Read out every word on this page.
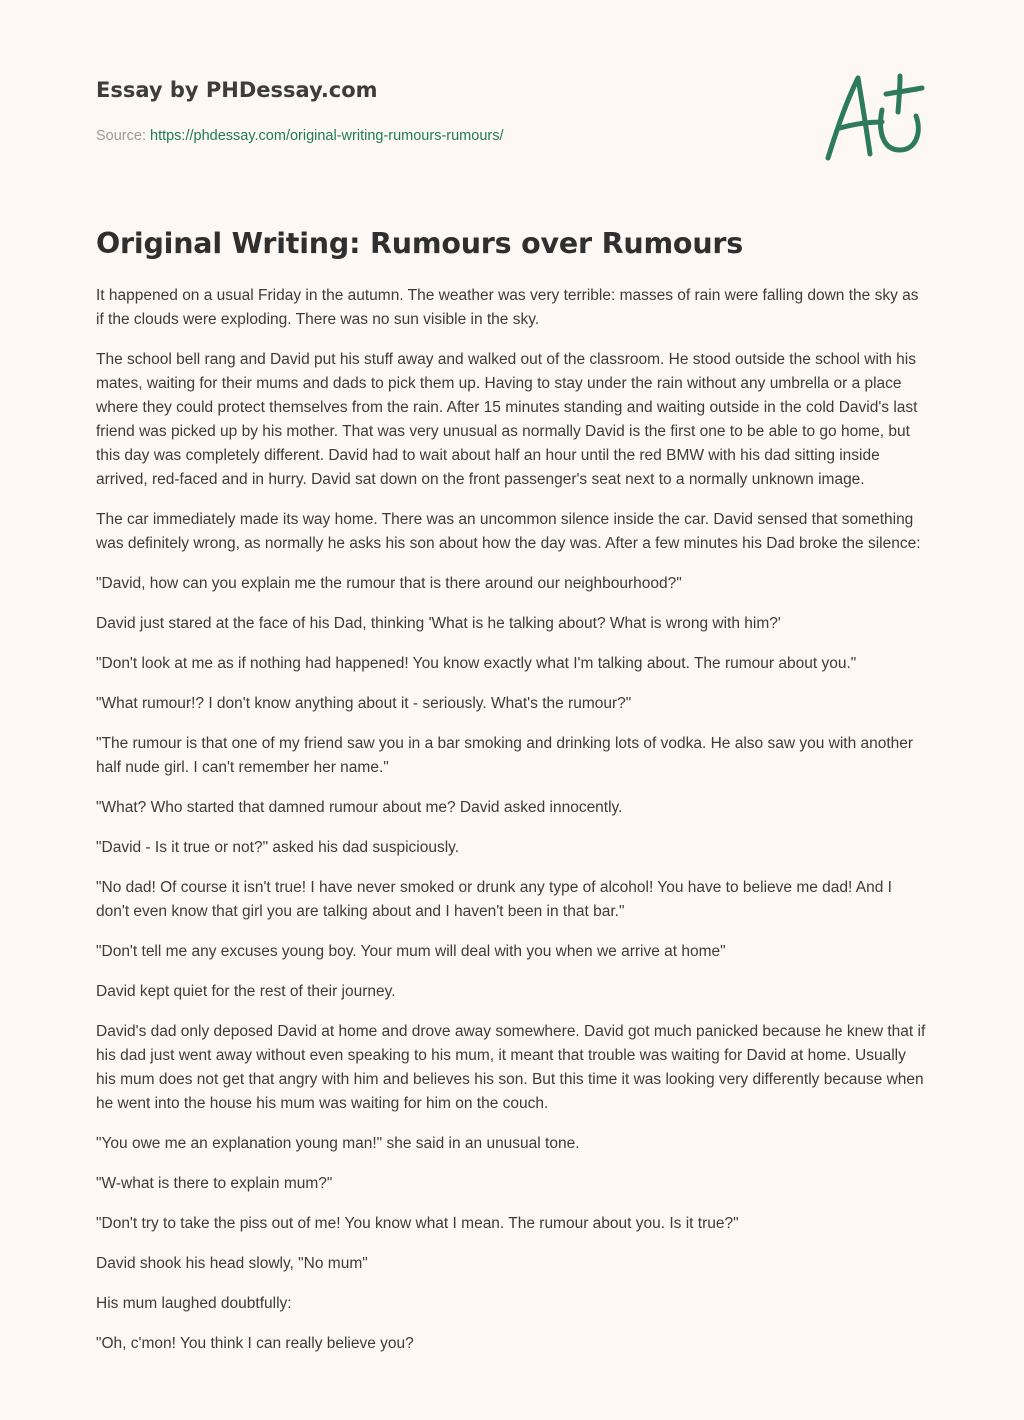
Essay by PHDessay.com
Source: https://phdessay.com/original-writing-rumours-rumours/
Original Writing: Rumours over Rumours

It happened on a usual Friday in the autumn. The weather was very terrible: masses of rain were falling down the sky as if the clouds were exploding. There was no sun visible in the sky.

The school bell rang and David put his stuff away and walked out of the classroom. He stood outside the school with his mates, waiting for their mums and dads to pick them up. Having to stay under the rain without any umbrella or a place where they could protect themselves from the rain. After 15 minutes standing and waiting outside in the cold David's last friend was picked up by his mother. That was very unusual as normally David is the first one to be able to go home, but this day was completely different. David had to wait about half an hour until the red BMW with his dad sitting inside arrived, red-faced and in hurry. David sat down on the front passenger's seat next to a normally unknown image.

The car immediately made its way home. There was an uncommon silence inside the car. David sensed that something was definitely wrong, as normally he asks his son about how the day was. After a few minutes his Dad broke the silence:

"David, how can you explain me the rumour that is there around our neighbourhood?"

David just stared at the face of his Dad, thinking 'What is he talking about? What is wrong with him?'

"Don't look at me as if nothing had happened! You know exactly what I'm talking about. The rumour about you."

"What rumour!? I don't know anything about it - seriously. What's the rumour?"

"The rumour is that one of my friend saw you in a bar smoking and drinking lots of vodka. He also saw you with another half nude girl. I can't remember her name."

"What? Who started that damned rumour about me? David asked innocently.

"David - Is it true or not?" asked his dad suspiciously.

"No dad! Of course it isn't true! I have never smoked or drunk any type of alcohol! You have to believe me dad! And I don't even know that girl you are talking about and I haven't been in that bar."

"Don't tell me any excuses young boy. Your mum will deal with you when we arrive at home"

David kept quiet for the rest of their journey.

David's dad only deposed David at home and drove away somewhere. David got much panicked because he knew that if his dad just went away without even speaking to his mum, it meant that trouble was waiting for David at home. Usually his mum does not get that angry with him and believes his son. But this time it was looking very differently because when he went into the house his mum was waiting for him on the couch.

"You owe me an explanation young man!" she said in an unusual tone.

"W-what is there to explain mum?"

"Don't try to take the piss out of me! You know what I mean. The rumour about you. Is it true?"

David shook his head slowly, "No mum"

His mum laughed doubtfully:

"Oh, c'mon! You think I can really believe you?
